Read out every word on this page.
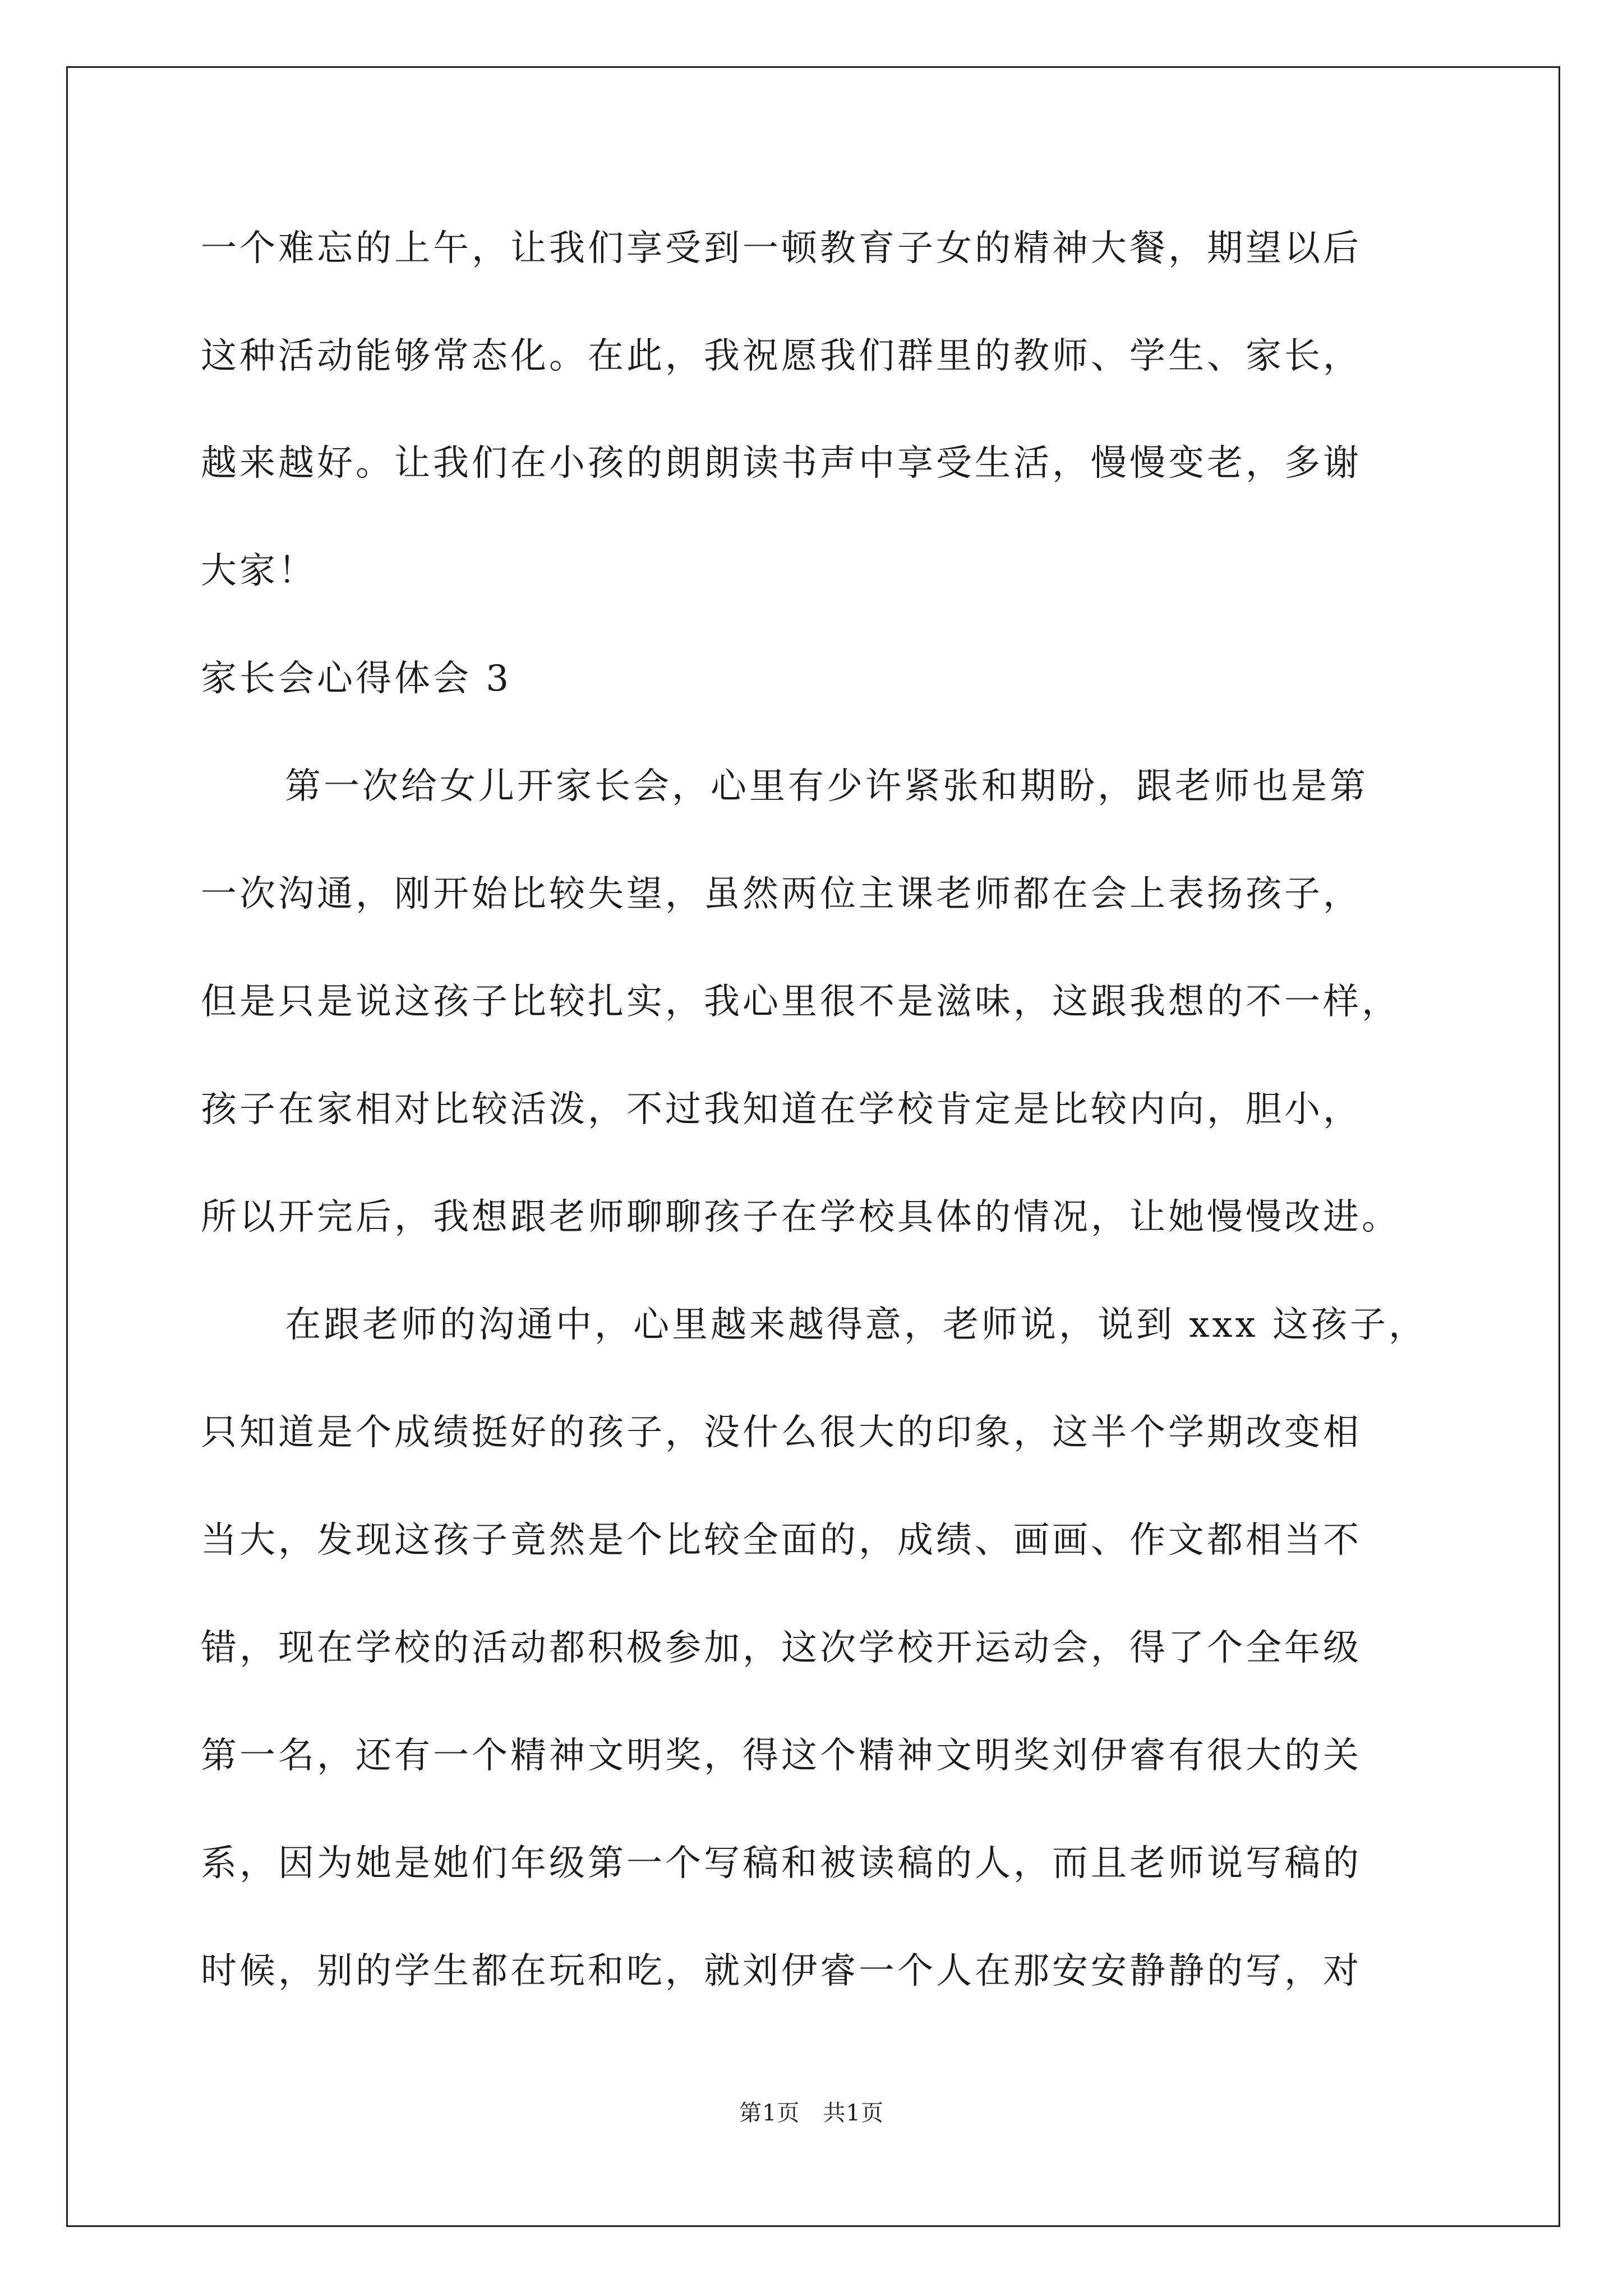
一个难忘的上午，让我们享受到一顿教育子女的精神大餐，期望以后
这种活动能够常态化。在此，我祝愿我们群里的教师、学生、家长，
越来越好。让我们在小孩的朗朗读书声中享受生活，慢慢变老，多谢
大家！
家长会心得体会 3
第一次给女儿开家长会，心里有少许紧张和期盼，跟老师也是第
一次沟通，刚开始比较失望，虽然两位主课老师都在会上表扬孩子，
但是只是说这孩子比较扎实，我心里很不是滋味，这跟我想的不一样，
孩子在家相对比较活泼，不过我知道在学校肯定是比较内向，胆小，
所以开完后，我想跟老师聊聊孩子在学校具体的情况，让她慢慢改进。
在跟老师的沟通中，心里越来越得意，老师说，说到 xxx 这孩子，
只知道是个成绩挺好的孩子，没什么很大的印象，这半个学期改变相
当大，发现这孩子竟然是个比较全面的，成绩、画画、作文都相当不
错，现在学校的活动都积极参加，这次学校开运动会，得了个全年级
第一名，还有一个精神文明奖，得这个精神文明奖刘伊睿有很大的关
系，因为她是她们年级第一个写稿和被读稿的人，而且老师说写稿的
时候，别的学生都在玩和吃，就刘伊睿一个人在那安安静静的写，对
第1页   共1页
